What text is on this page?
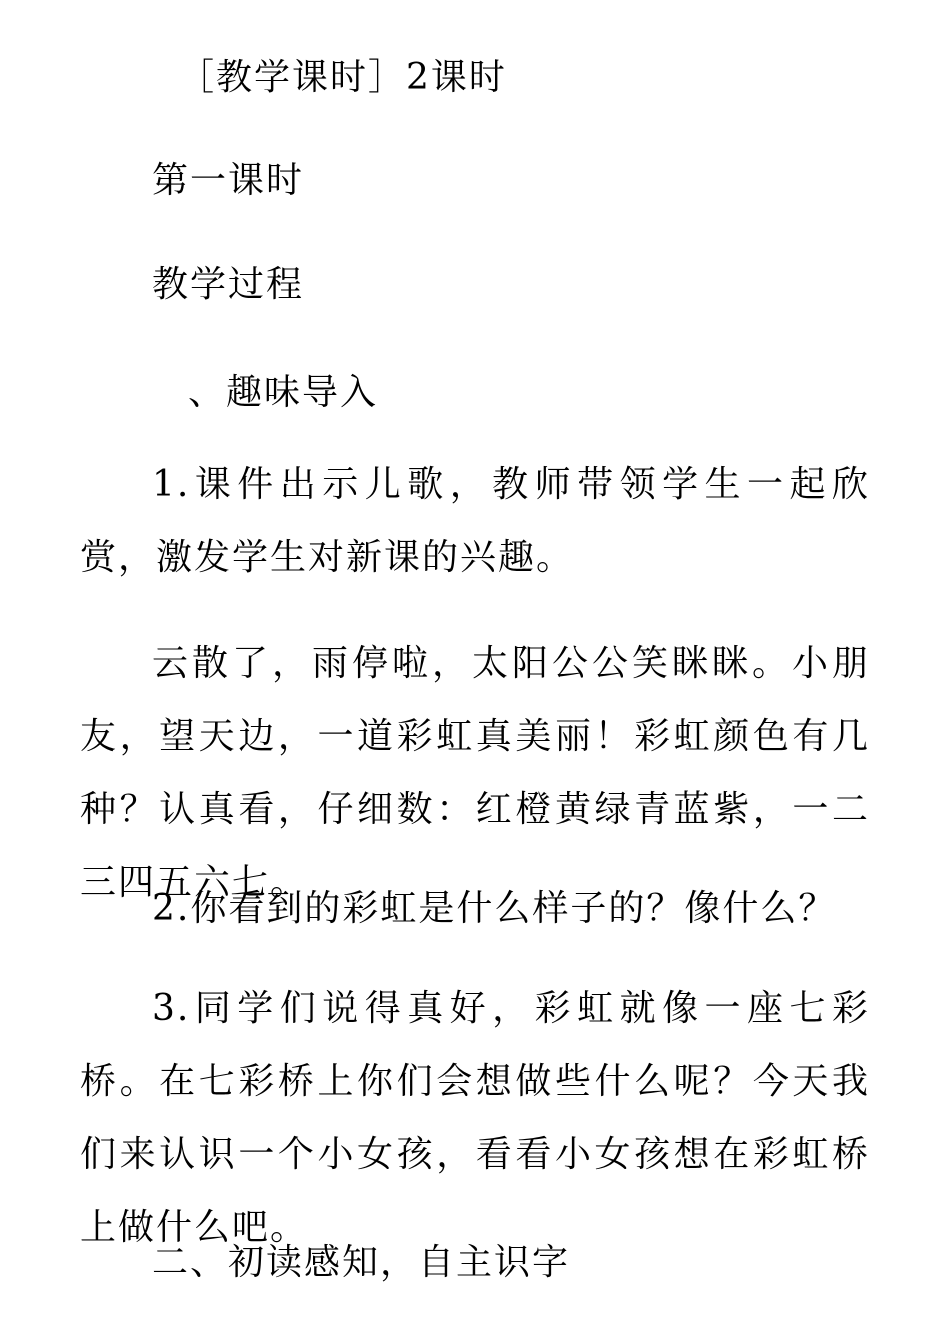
［教学课时］2课时
第一课时
教学过程
、趣味导入
1.课件出示儿歌，教师带领学生一起欣赏，激发学生对新课的兴趣。
云散了，雨停啦，太阳公公笑眯眯。小朋友，望天边，一道彩虹真美丽！彩虹颜色有几种？认真看，仔细数：红橙黄绿青蓝紫，一二三四五六七。
2.你看到的彩虹是什么样子的？像什么？
3.同学们说得真好，彩虹就像一座七彩桥。在七彩桥上你们会想做些什么呢？今天我们来认识一个小女孩，看看小女孩想在彩虹桥上做什么吧。
二、初读感知，自主识字
